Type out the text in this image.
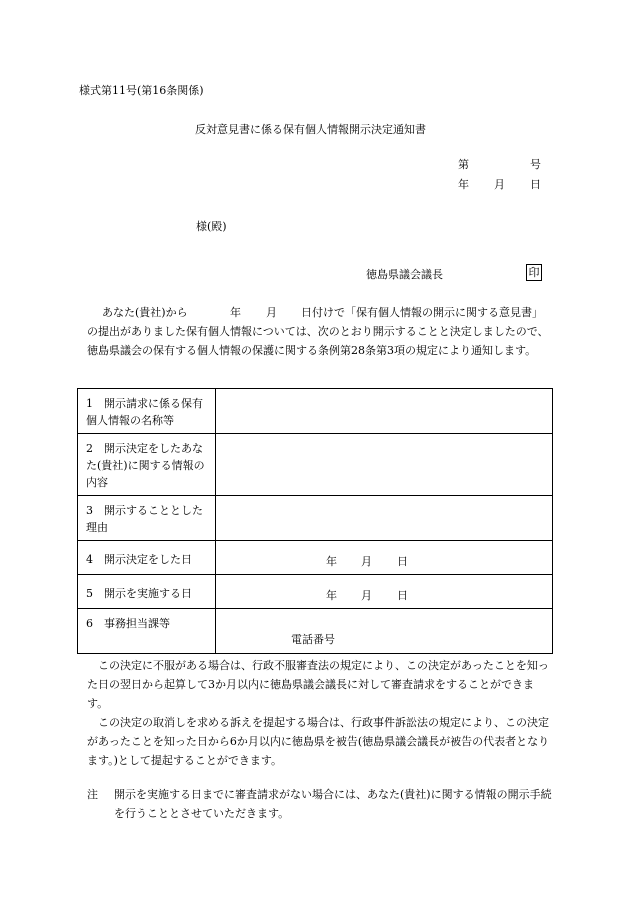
様式第11号(第16条関係)

反対意見書に係る保有個人情報開示決定通知書

第	号
年 月 日

様(殿)

徳島県議会議長	印
あなた(貴社)から	年 月 日付けで「保有個人情報の開示に関する意見書」
の提出がありました保有個人情報については、次のとおり開示することと決定しましたので、徳島県議会の保有する個人情報の保護に関する条例第28条第3項の規定により通知します。
1　開示請求に係る保有個人情報の名称等	

2　開示決定をしたあなた(貴社)に関する情報の内容	

3　開示することとした理由	

4　開示決定をした日	年 月 日

5　開示を実施する日	年 月 日

6　事務担当課等	電話番号
この決定に不服がある場合は、行政不服審査法の規定により、この決定があったことを知った日の翌日から起算して3か月以内に徳島県議会議長に対して審査請求をすることができます。
この決定の取消しを求める訴えを提起する場合は、行政事件訴訟法の規定により、この決定があったことを知った日から6か月以内に徳島県を被告(徳島県議会議長が被告の代表者となります。)として提起することができます。
注	開示を実施する日までに審査請求がない場合には、あなた(貴社)に関する情報の開示手続を行うこととさせていただきます。
